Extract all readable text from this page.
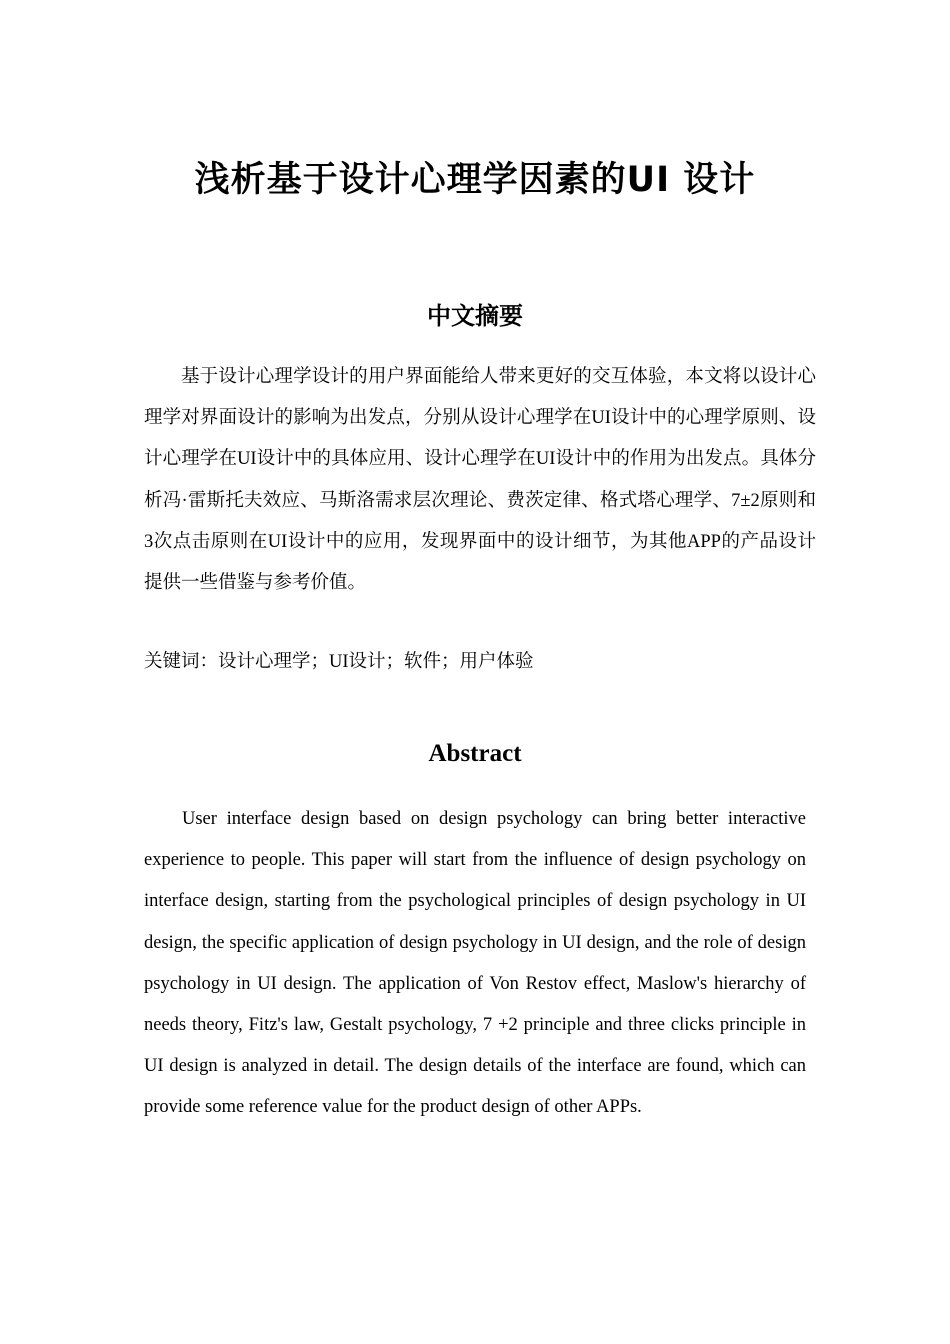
浅析基于设计心理学因素的UI 设计
中文摘要

基于设计心理学设计的用户界面能给人带来更好的交互体验，本文将以设计心理学对界面设计的影响为出发点，分别从设计心理学在UI设计中的心理学原则、设计心理学在UI设计中的具体应用、设计心理学在UI设计中的作用为出发点。具体分析冯·雷斯托夫效应、马斯洛需求层次理论、费茨定律、格式塔心理学、7±2原则和3次点击原则在UI设计中的应用，发现界面中的设计细节，为其他APP的产品设计提供一些借鉴与参考价值。

关键词：设计心理学；UI设计；软件；用户体验

Abstract

User interface design based on design psychology can bring better interactive experience to people. This paper will start from the influence of design psychology on interface design, starting from the psychological principles of design psychology in UI design, the specific application of design psychology in UI design, and the role of design psychology in UI design. The application of Von Restov effect, Maslow's hierarchy of needs theory, Fitz's law, Gestalt psychology, 7 +2 principle and three clicks principle in UI design is analyzed in detail. The design details of the interface are found, which can provide some reference value for the product design of other APPs.
